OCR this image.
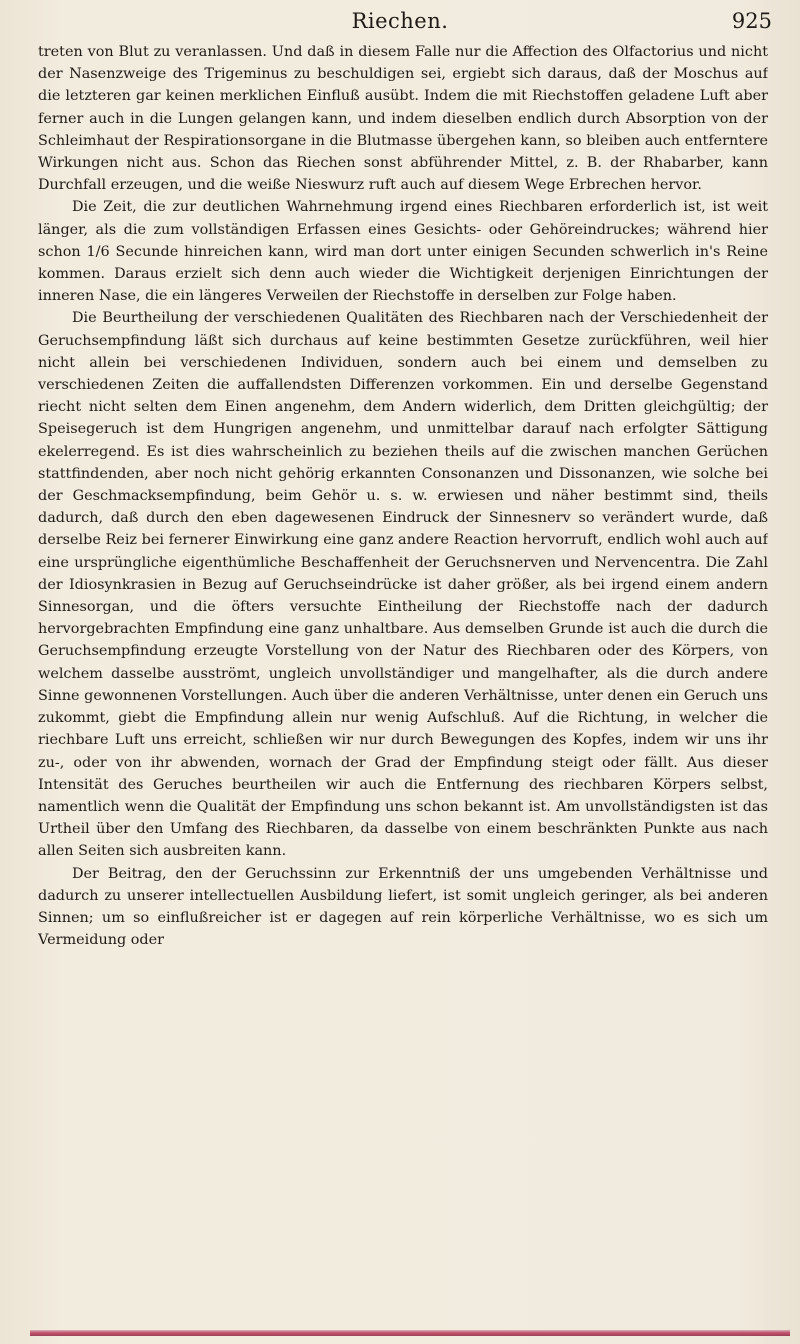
Riechen.	925

treten von Blut zu veranlassen. Und daß in diesem Falle nur die Affection des Olfactorius und nicht der Nasenzweige des Trigeminus zu beschuldigen sei, ergiebt sich daraus, daß der Moschus auf die letzteren gar keinen merklichen Einfluß ausübt. Indem die mit Riechstoffen geladene Luft aber ferner auch in die Lungen gelangen kann, und indem dieselben endlich durch Absorption von der Schleimhaut der Respirationsorgane in die Blutmasse übergehen kann, so bleiben auch entferntere Wirkungen nicht aus. Schon das Riechen sonst abführender Mittel, z. B. der Rhabarber, kann Durchfall erzeugen, und die weiße Nieswurz ruft auch auf diesem Wege Erbrechen hervor.

Die Zeit, die zur deutlichen Wahrnehmung irgend eines Riechbaren erforderlich ist, ist weit länger, als die zum vollständigen Erfassen eines Gesichts- oder Gehöreindruckes; während hier schon 1/6 Secunde hinreichen kann, wird man dort unter einigen Secunden schwerlich in's Reine kommen. Daraus erzielt sich denn auch wieder die Wichtigkeit derjenigen Einrichtungen der inneren Nase, die ein längeres Verweilen der Riechstoffe in derselben zur Folge haben.

Die Beurtheilung der verschiedenen Qualitäten des Riechbaren nach der Verschiedenheit der Geruchsempfindung läßt sich durchaus auf keine bestimmten Gesetze zurückführen, weil hier nicht allein bei verschiedenen Individuen, sondern auch bei einem und demselben zu verschiedenen Zeiten die auffallendsten Differenzen vorkommen. Ein und derselbe Gegenstand riecht nicht selten dem Einen angenehm, dem Andern widerlich, dem Dritten gleichgültig; der Speisegeruch ist dem Hungrigen angenehm, und unmittelbar darauf nach erfolgter Sättigung ekelerregend. Es ist dies wahrscheinlich zu beziehen theils auf die zwischen manchen Gerüchen stattfindenden, aber noch nicht gehörig erkannten Consonanzen und Dissonanzen, wie solche bei der Geschmacksempfindung, beim Gehör u. s. w. erwiesen und näher bestimmt sind, theils dadurch, daß durch den eben dagewesenen Eindruck der Sinnesnerv so verändert wurde, daß derselbe Reiz bei fernerer Einwirkung eine ganz andere Reaction hervorruft, endlich wohl auch auf eine ursprüngliche eigenthümliche Beschaffenheit der Geruchsnerven und Nervencentra. Die Zahl der Idiosynkrasien in Bezug auf Geruchseindrücke ist daher größer, als bei irgend einem andern Sinnesorgan, und die öfters versuchte Eintheilung der Riechstoffe nach der dadurch hervorgebrachten Empfindung eine ganz unhaltbare. Aus demselben Grunde ist auch die durch die Geruchsempfindung erzeugte Vorstellung von der Natur des Riechbaren oder des Körpers, von welchem dasselbe ausströmt, ungleich unvollständiger und mangelhafter, als die durch andere Sinne gewonnenen Vorstellungen. Auch über die anderen Verhältnisse, unter denen ein Geruch uns zukommt, giebt die Empfindung allein nur wenig Aufschluß. Auf die Richtung, in welcher die riechbare Luft uns erreicht, schließen wir nur durch Bewegungen des Kopfes, indem wir uns ihr zu-, oder von ihr abwenden, wornach der Grad der Empfindung steigt oder fällt. Aus dieser Intensität des Geruches beurtheilen wir auch die Entfernung des riechbaren Körpers selbst, namentlich wenn die Qualität der Empfindung uns schon bekannt ist. Am unvollständigsten ist das Urtheil über den Umfang des Riechbaren, da dasselbe von einem beschränkten Punkte aus nach allen Seiten sich ausbreiten kann.

Der Beitrag, den der Geruchssinn zur Erkenntniß der uns umgebenden Verhältnisse und dadurch zu unserer intellectuellen Ausbildung liefert, ist somit ungleich geringer, als bei anderen Sinnen; um so einflußreicher ist er dagegen auf rein körperliche Verhältnisse, wo es sich um Vermeidung oder
